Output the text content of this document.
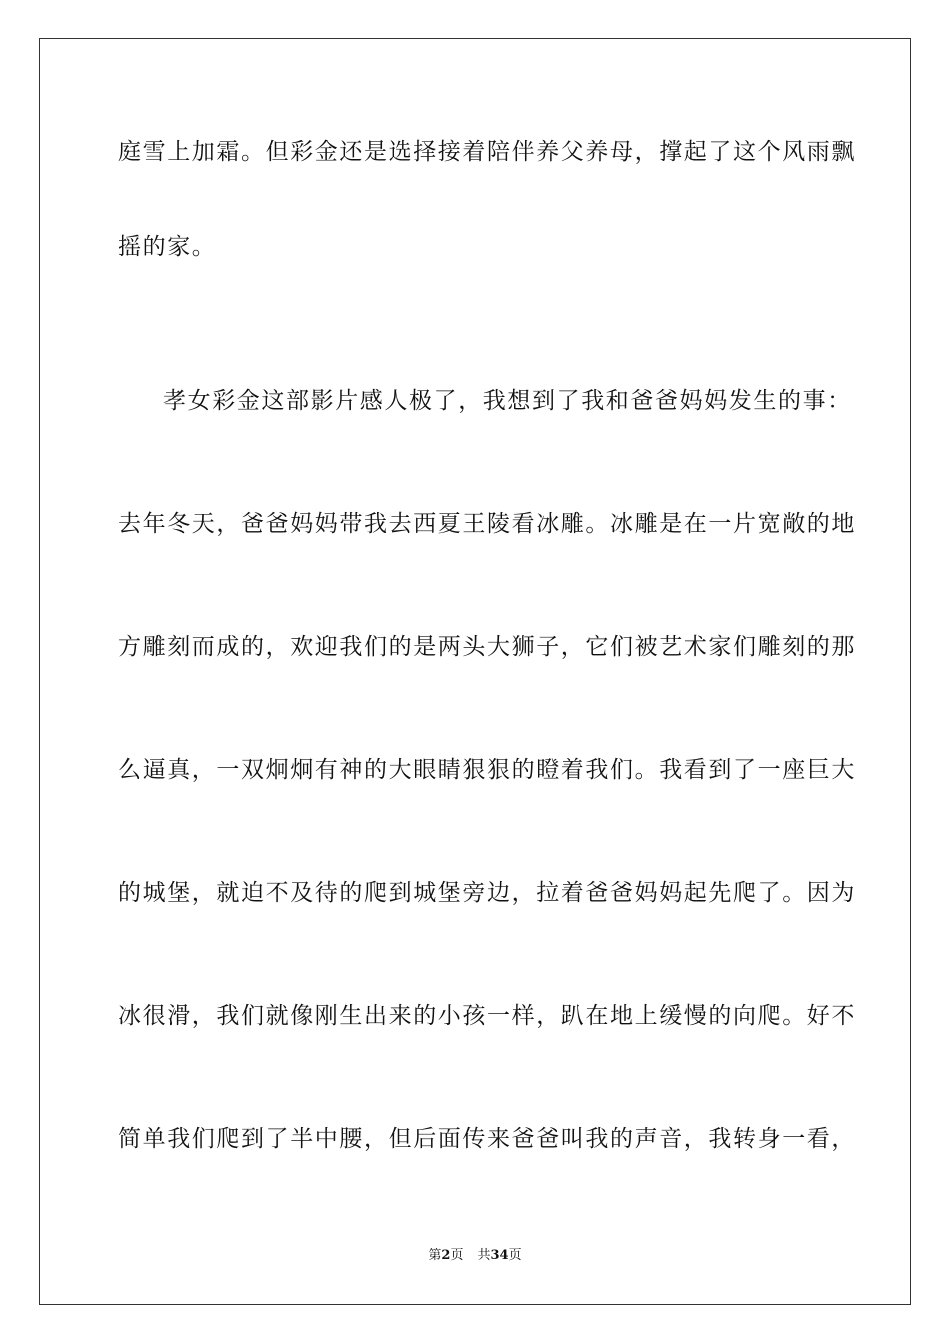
庭雪上加霜。但彩金还是选择接着陪伴养父养母，撑起了这个风雨飘
摇的家。
孝女彩金这部影片感人极了，我想到了我和爸爸妈妈发生的事：
去年冬天，爸爸妈妈带我去西夏王陵看冰雕。冰雕是在一片宽敞的地
方雕刻而成的，欢迎我们的是两头大狮子，它们被艺术家们雕刻的那
么逼真，一双炯炯有神的大眼睛狠狠的瞪着我们。我看到了一座巨大
的城堡，就迫不及待的爬到城堡旁边，拉着爸爸妈妈起先爬了。因为
冰很滑，我们就像刚生出来的小孩一样，趴在地上缓慢的向爬。好不
简单我们爬到了半中腰，但后面传来爸爸叫我的声音，我转身一看，
第2页 共34页
